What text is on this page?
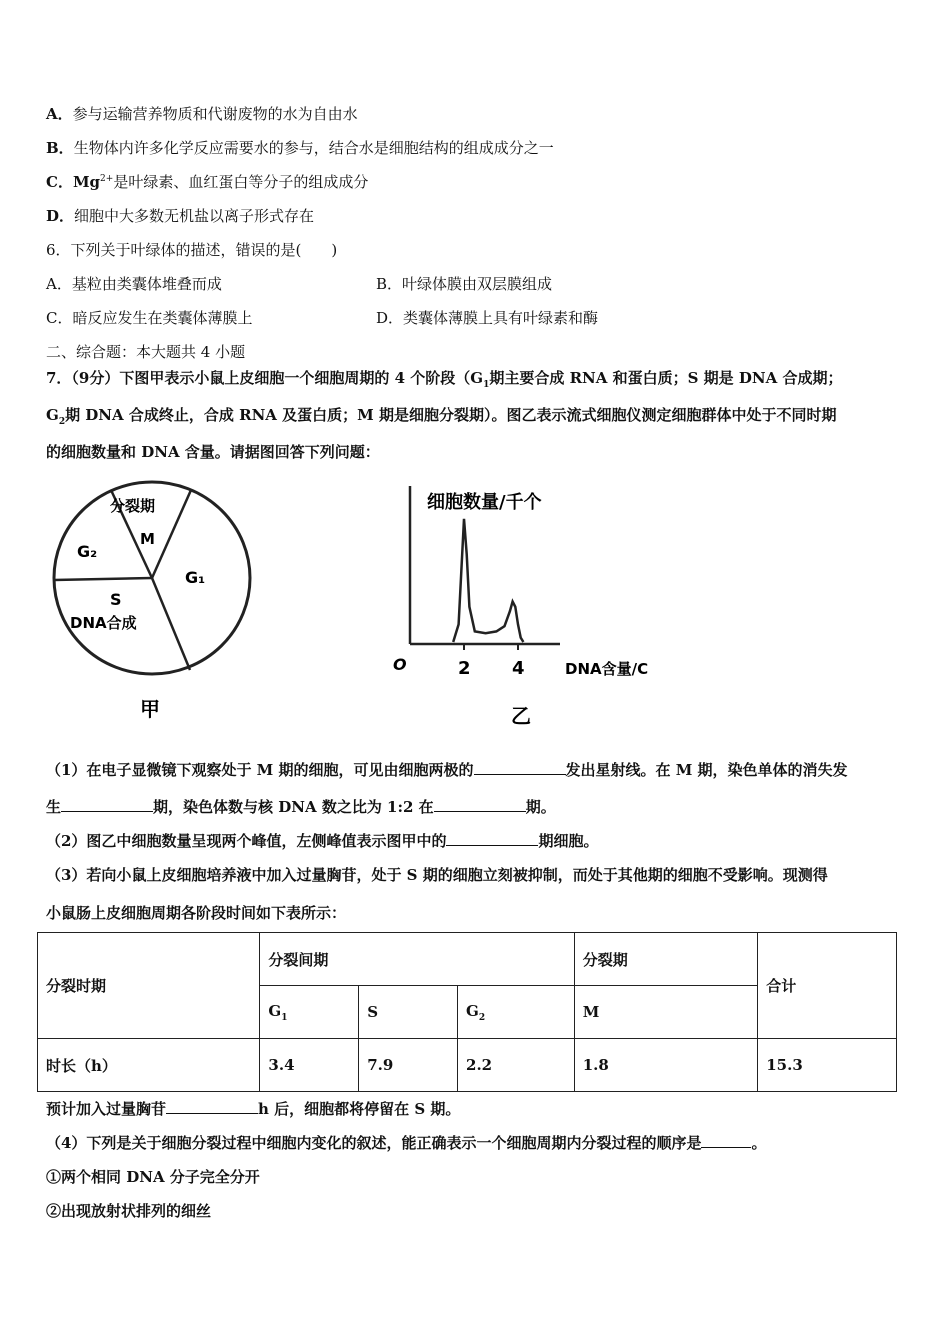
A．参与运输营养物质和代谢废物的水为自由水
B．生物体内许多化学反应需要水的参与，结合水是细胞结构的组成成分之一
C．$Mg^{2+}$是叶绿素、血红蛋白等分子的组成成分
D．细胞中大多数无机盐以离子形式存在
6．下列关于叶绿体的描述，错误的是(　　)
A．基粒由类囊体堆叠而成	B．叶绿体膜由双层膜组成
C．暗反应发生在类囊体薄膜上	D．类囊体薄膜上具有叶绿素和酶
二、综合题：本大题共 4 小题
7．（9分）下图甲表示小鼠上皮细胞一个细胞周期的 4 个阶段（$G_1$期主要合成 RNA 和蛋白质；S 期是 DNA 合成期；
$G_2$期 DNA 合成终止，合成 RNA 及蛋白质；M 期是细胞分裂期）。图乙表示流式细胞仪测定细胞群体中处于不同时期
的细胞数量和 DNA 含量。请据图回答下列问题：
分裂期
M
G₂
G₁
S
DNA合成
甲
细胞数量/千个
O	2 4	DNA含量/C
乙
（1）在电子显微镜下观察处于 M 期的细胞，可见由细胞两极的	发出星射线。在 M 期，染色单体的消失发
生	期，染色体数与核 DNA 数之比为 1:2 在	期。
（2）图乙中细胞数量呈现两个峰值，左侧峰值表示图甲中的	期细胞。
（3）若向小鼠上皮细胞培养液中加入过量胸苷，处于 S 期的细胞立刻被抑制，而处于其他期的细胞不受影响。现测得
小鼠肠上皮细胞周期各阶段时间如下表所示：
分裂时期	分裂间期			分裂期	合计
	$G_1$	S	$G_2$	M	
时长（h）	3.4	7.9	2.2	1.8	15.3
预计加入过量胸苷	h 后，细胞都将停留在 S 期。
（4）下列是关于细胞分裂过程中细胞内变化的叙述，能正确表示一个细胞周期内分裂过程的顺序是	。
①两个相同 DNA 分子完全分开
②出现放射状排列的细丝
